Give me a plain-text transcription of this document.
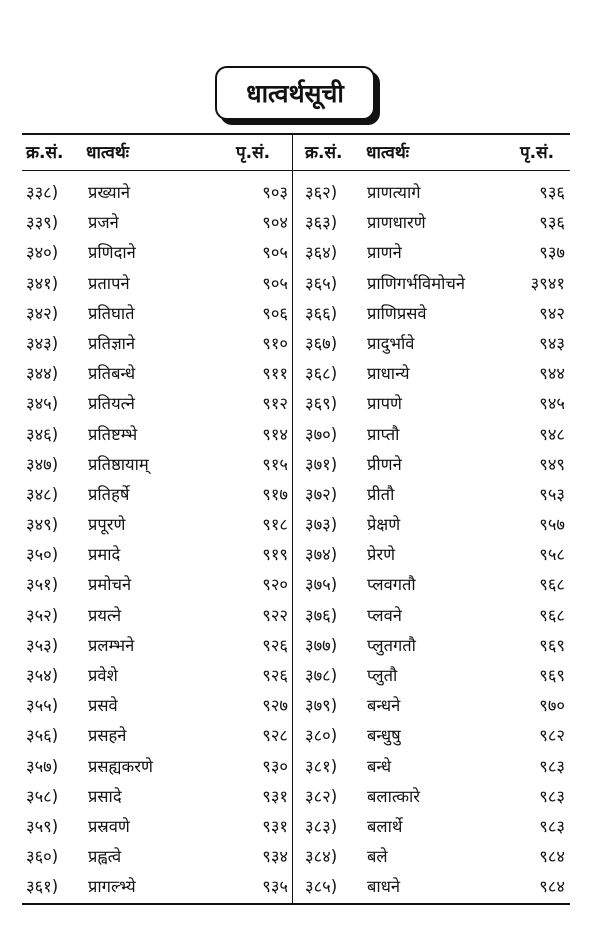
धात्वर्थसूची
क्र.सं. धात्वर्थः	पृ.सं. क्र.सं. धात्वर्थः	पृ.सं.
३३८) प्रख्याने	९०३
३३९) प्रजने	९०४
३४०) प्रणिदाने	९०५
३४१) प्रतापने	९०५
३४२) प्रतिघाते	९०६
३४३) प्रतिज्ञाने	९१०
३४४) प्रतिबन्धे	९११
३४५) प्रतियत्ने	९१२
३४६) प्रतिष्टम्भे	९१४
३४७) प्रतिष्ठायाम्	९१५
३४८) प्रतिहर्षे	९१७
३४९) प्रपूरणे	९१८
३५०) प्रमादे	९१९
३५१) प्रमोचने	९२०
३५२) प्रयत्ने	९२२
३५३) प्रलम्भने	९२६
३५४) प्रवेशे	९२६
३५५) प्रसवे	९२७
३५६) प्रसहने	९२८
३५७) प्रसह्यकरणे	९३०
३५८) प्रसादे	९३१
३५९) प्रस्रवणे	९३१
३६०) प्रह्वत्वे	९३४
३६१) प्रागल्भ्ये	९३५
३६२) प्राणत्यागे	९३६
३६३) प्राणधारणे	९३६
३६४) प्राणने	९३७
३६५) प्राणिगर्भविमोचने	३९४१
३६६) प्राणिप्रसवे	९४२
३६७) प्रादुर्भावे	९४३
३६८) प्राधान्ये	९४४
३६९) प्रापणे	९४५
३७०) प्राप्तौ	९४८
३७१) प्रीणने	९४९
३७२) प्रीतौ	९५३
३७३) प्रेक्षणे	९५७
३७४) प्रेरणे	९५८
३७५) प्लवगतौ	९६८
३७६) प्लवने	९६८
३७७) प्लुतगतौ	९६९
३७८) प्लुतौ	९६९
३७९) बन्धने	९७०
३८०) बन्धुषु	९८२
३८१) बन्धे	९८३
३८२) बलात्कारे	९८३
३८३) बलार्थे	९८३
३८४) बले	९८४
३८५) बाधने	९८४
